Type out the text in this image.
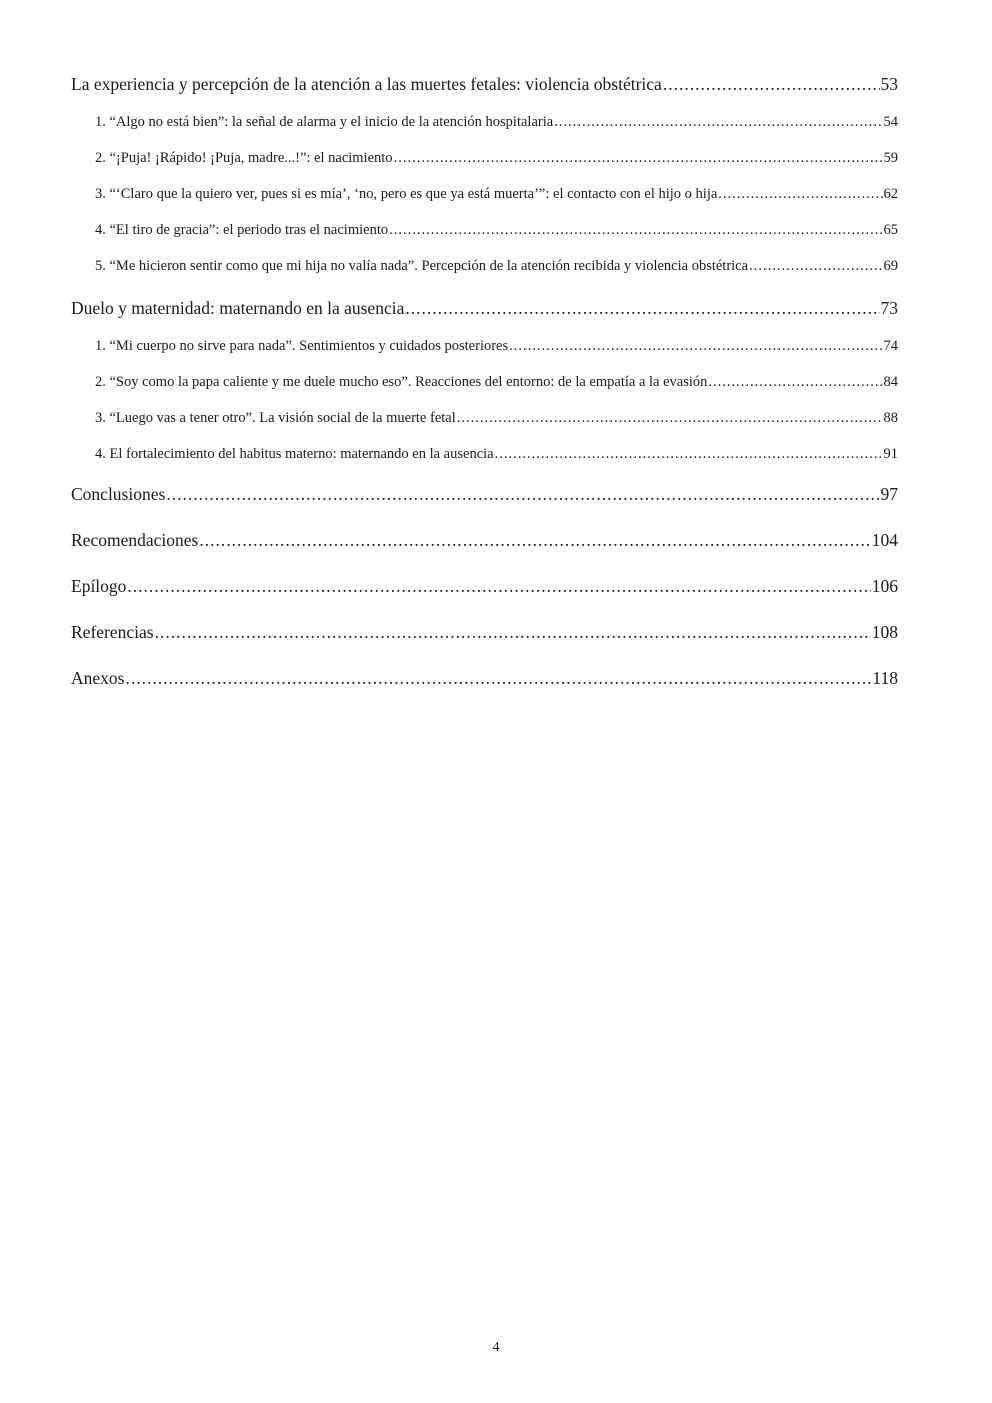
La experiencia y percepción de la atención a las muertes fetales: violencia obstétrica .....	53
1. “Algo no está bien”: la señal de alarma y el inicio de la atención hospitalaria .....	54
2. “¡Puja! ¡Rápido! ¡Puja, madre...!”: el nacimiento .....	59
3. “‘Claro que la quiero ver, pues si es mía’, ‘no, pero es que ya está muerta’”: el contacto con el hijo o hija .....	62
4. “El tiro de gracia”: el periodo tras el nacimiento .....	65
5. “Me hicieron sentir como que mi hija no valía nada”. Percepción de la atención recibida y violencia obstétrica .....	69
Duelo y maternidad: maternando en la ausencia .....	73
1. “Mi cuerpo no sirve para nada”. Sentimientos y cuidados posteriores .....	74
2. “Soy como la papa caliente y me duele mucho eso”. Reacciones del entorno: de la empatía a la evasión .....	84
3. “Luego vas a tener otro”. La visión social de la muerte fetal .....	88
4. El fortalecimiento del habitus materno: maternando en la ausencia .....	91
Conclusiones .....	97
Recomendaciones .....	104
Epílogo .....	106
Referencias .....	108
Anexos .....	118
4
